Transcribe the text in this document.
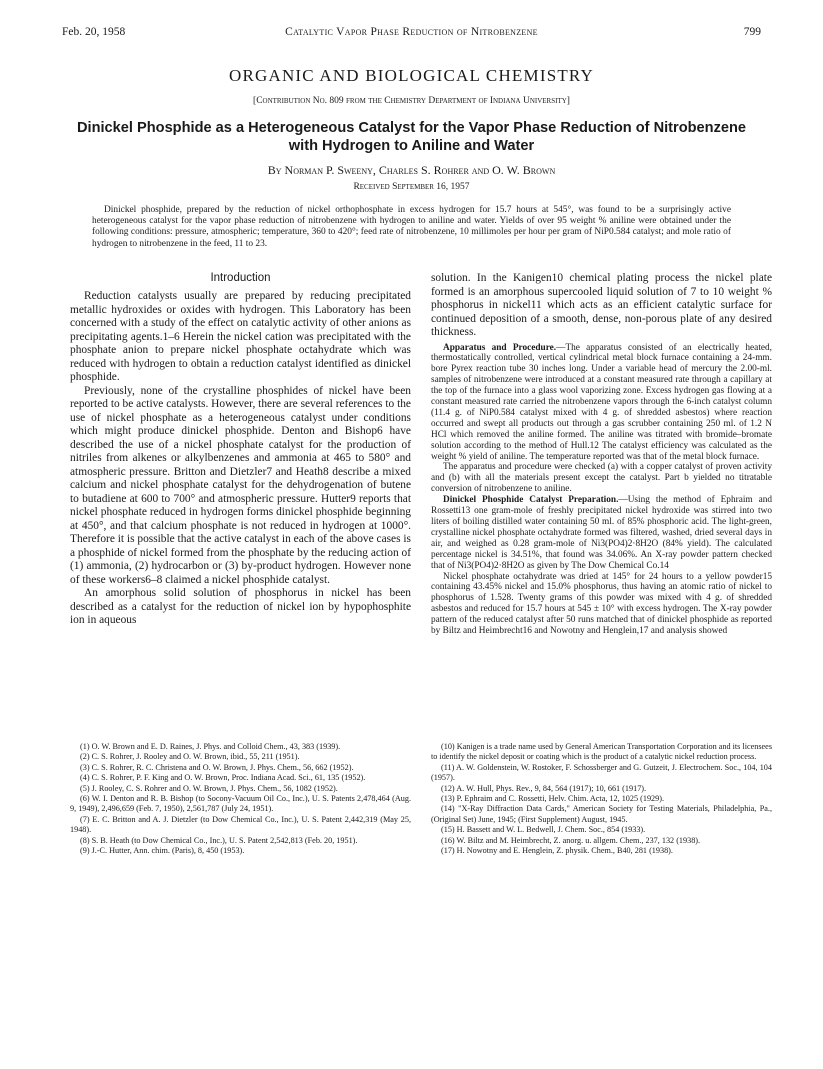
Feb. 20, 1958	Catalytic Vapor Phase Reduction of Nitrobenzene	799
ORGANIC AND BIOLOGICAL CHEMISTRY
[Contribution No. 809 from the Chemistry Department of Indiana University]
Dinickel Phosphide as a Heterogeneous Catalyst for the Vapor Phase Reduction of Nitrobenzene with Hydrogen to Aniline and Water
By Norman P. Sweeny, Charles S. Rohrer and O. W. Brown
Received September 16, 1957
Dinickel phosphide, prepared by the reduction of nickel orthophosphate in excess hydrogen for 15.7 hours at 545°, was found to be a surprisingly active heterogeneous catalyst for the vapor phase reduction of nitrobenzene with hydrogen to aniline and water. Yields of over 95 weight % aniline were obtained under the following conditions: pressure, atmospheric; temperature, 360 to 420°; feed rate of nitrobenzene, 10 millimoles per hour per gram of NiP0.584 catalyst; and mole ratio of hydrogen to nitrobenzene in the feed, 11 to 23.
Introduction

Reduction catalysts usually are prepared by reducing precipitated metallic hydroxides or oxides with hydrogen. This Laboratory has been concerned with a study of the effect on catalytic activity of other anions as precipitating agents.1–6 Herein the nickel cation was precipitated with the phosphate anion to prepare nickel phosphate octahydrate which was reduced with hydrogen to obtain a reduction catalyst identified as dinickel phosphide.

Previously, none of the crystalline phosphides of nickel have been reported to be active catalysts. However, there are several references to the use of nickel phosphate as a heterogeneous catalyst under conditions which might produce dinickel phosphide. Denton and Bishop6 have described the use of a nickel phosphate catalyst for the production of nitriles from alkenes or alkylbenzenes and ammonia at 465 to 580° and atmospheric pressure. Britton and Dietzler7 and Heath8 describe a mixed calcium and nickel phosphate catalyst for the dehydrogenation of butene to butadiene at 600 to 700° and atmospheric pressure. Hutter9 reports that nickel phosphate reduced in hydrogen forms dinickel phosphide beginning at 450°, and that calcium phosphate is not reduced in hydrogen at 1000°. Therefore it is possible that the active catalyst in each of the above cases is a phosphide of nickel formed from the phosphate by the reducing action of (1) ammonia, (2) hydrocarbon or (3) by-product hydrogen. However none of these workers6–8 claimed a nickel phosphide catalyst.

An amorphous solid solution of phosphorus in nickel has been described as a catalyst for the reduction of nickel ion by hypophosphite ion in aqueous

solution. In the Kanigen10 chemical plating process the nickel plate formed is an amorphous supercooled liquid solution of 7 to 10 weight % phosphorus in nickel11 which acts as an efficient catalytic surface for continued deposition of a smooth, dense, non-porous plate of any desired thickness.

Apparatus and Procedure.—The apparatus consisted of an electrically heated, thermostatically controlled, vertical cylindrical metal block furnace containing a 24-mm. bore Pyrex reaction tube 30 inches long. Under a variable head of mercury the 2.00-ml. samples of nitrobenzene were introduced at a constant measured rate through a capillary at the top of the furnace into a glass wool vaporizing zone. Excess hydrogen gas flowing at a constant measured rate carried the nitrobenzene vapors through the 6-inch catalyst column (11.4 g. of NiP0.584 catalyst mixed with 4 g. of shredded asbestos) where reaction occurred and swept all products out through a gas scrubber containing 250 ml. of 1.2 N HCl which removed the aniline formed. The aniline was titrated with bromide–bromate solution according to the method of Hull.12 The catalyst efficiency was calculated as the weight % yield of aniline. The temperature reported was that of the metal block furnace.

The apparatus and procedure were checked (a) with a copper catalyst of proven activity and (b) with all the materials present except the catalyst. Part b yielded no titratable conversion of nitrobenzene to aniline.

Dinickel Phosphide Catalyst Preparation.—Using the method of Ephraim and Rossetti13 one gram-mole of freshly precipitated nickel hydroxide was stirred into two liters of boiling distilled water containing 50 ml. of 85% phosphoric acid. The light-green, crystalline nickel phosphate octahydrate formed was filtered, washed, dried several days in air, and weighed as 0.28 gram-mole of Ni3(PO4)2·8H2O (84% yield). The calculated percentage nickel is 34.51%, that found was 34.06%. An X-ray powder pattern checked that of Ni3(PO4)2·8H2O as given by The Dow Chemical Co.14

Nickel phosphate octahydrate was dried at 145° for 24 hours to a yellow powder15 containing 43.45% nickel and 15.0% phosphorus, thus having an atomic ratio of nickel to phosphorus of 1.528. Twenty grams of this powder was mixed with 4 g. of shredded asbestos and reduced for 15.7 hours at 545 ± 10° with excess hydrogen. The X-ray powder pattern of the reduced catalyst after 50 runs matched that of dinickel phosphide as reported by Biltz and Heimbrecht16 and Nowotny and Henglein,17 and analysis showed

(1) O. W. Brown and E. D. Raines, J. Phys. and Colloid Chem., 43, 383 (1939).

(2) C. S. Rohrer, J. Rooley and O. W. Brown, ibid., 55, 211 (1951).

(3) C. S. Rohrer, R. C. Christena and O. W. Brown, J. Phys. Chem., 56, 662 (1952).

(4) C. S. Rohrer, P. F. King and O. W. Brown, Proc. Indiana Acad. Sci., 61, 135 (1952).

(5) J. Rooley, C. S. Rohrer and O. W. Brown, J. Phys. Chem., 56, 1082 (1952).

(6) W. I. Denton and R. B. Bishop (to Socony-Vacuum Oil Co., Inc.), U. S. Patents 2,478,464 (Aug. 9, 1949), 2,496,659 (Feb. 7, 1950), 2,561,787 (July 24, 1951).

(7) E. C. Britton and A. J. Dietzler (to Dow Chemical Co., Inc.), U. S. Patent 2,442,319 (May 25, 1948).

(8) S. B. Heath (to Dow Chemical Co., Inc.), U. S. Patent 2,542,813 (Feb. 20, 1951).

(9) J.-C. Hutter, Ann. chim. (Paris), 8, 450 (1953).

(10) Kanigen is a trade name used by General American Transportation Corporation and its licensees to identify the nickel deposit or coating which is the product of a catalytic nickel reduction process.

(11) A. W. Goldenstein, W. Rostoker, F. Schossberger and G. Gutzeit, J. Electrochem. Soc., 104, 104 (1957).

(12) A. W. Hull, Phys. Rev., 9, 84, 564 (1917); 10, 661 (1917).

(13) P. Ephraim and C. Rossetti, Helv. Chim. Acta, 12, 1025 (1929).

(14) "X-Ray Diffraction Data Cards," American Society for Testing Materials, Philadelphia, Pa., (Original Set) June, 1945; (First Supplement) August, 1945.

(15) H. Bassett and W. L. Bedwell, J. Chem. Soc., 854 (1933).

(16) W. Biltz and M. Heimbrecht, Z. anorg. u. allgem. Chem., 237, 132 (1938).

(17) H. Nowotny and E. Henglein, Z. physik. Chem., B40, 281 (1938).
